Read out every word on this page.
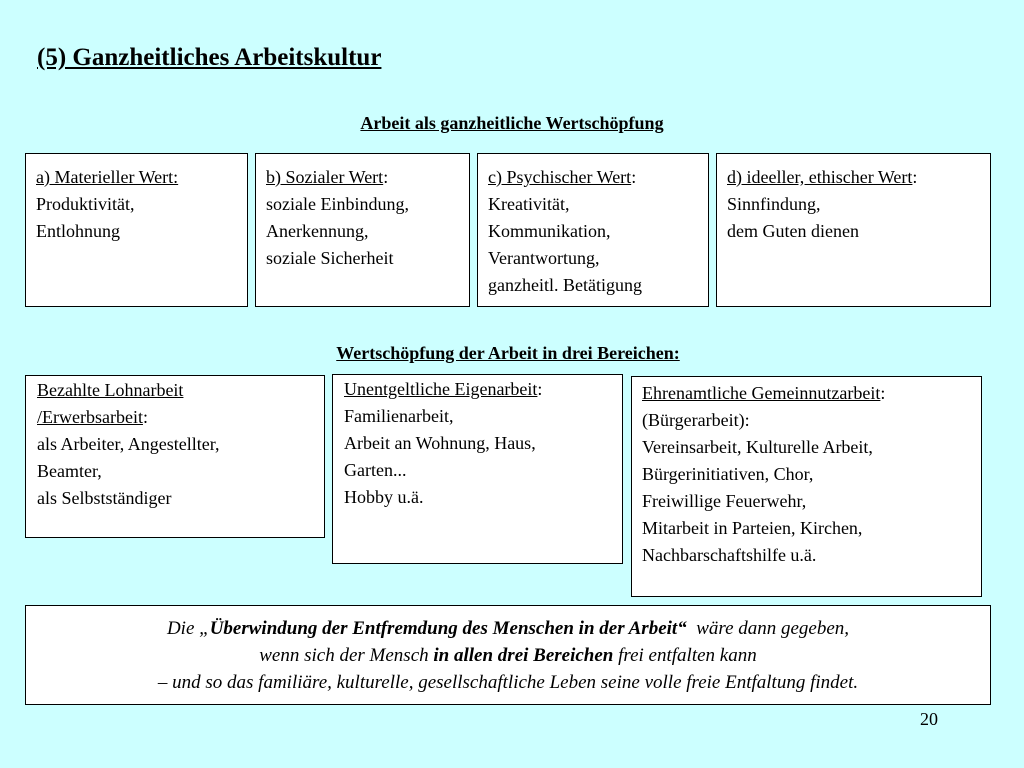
(5) Ganzheitliches Arbeitskultur
Arbeit als ganzheitliche Wertschöpfung
a) Materieller Wert:
Produktivität,
Entlohnung
b) Sozialer Wert:
soziale Einbindung,
Anerkennung,
soziale Sicherheit
c) Psychischer Wert:
Kreativität,
Kommunikation,
Verantwortung,
ganzheitl. Betätigung
d) ideeller, ethischer Wert:
Sinnfindung,
dem Guten dienen
Wertschöpfung der Arbeit in drei Bereichen:
Bezahlte Lohnarbeit
/Erwerbsarbeit:
als Arbeiter, Angestellter,
Beamter,
als Selbstständiger
Unentgeltliche Eigenarbeit:
Familienarbeit,
Arbeit an Wohnung, Haus,
Garten...
Hobby u.ä.
Ehrenamtliche Gemeinnutzarbeit:
(Bürgerarbeit):
Vereinsarbeit, Kulturelle Arbeit,
Bürgerinitiativen, Chor,
Freiwillige Feuerwehr,
Mitarbeit in Parteien, Kirchen,
Nachbarschaftshilfe u.ä.
Die „Überwindung der Entfremdung des Menschen in der Arbeit“  wäre dann gegeben,
wenn sich der Mensch in allen drei Bereichen frei entfalten kann
– und so das familiäre, kulturelle, gesellschaftliche Leben seine volle freie Entfaltung findet.
20
